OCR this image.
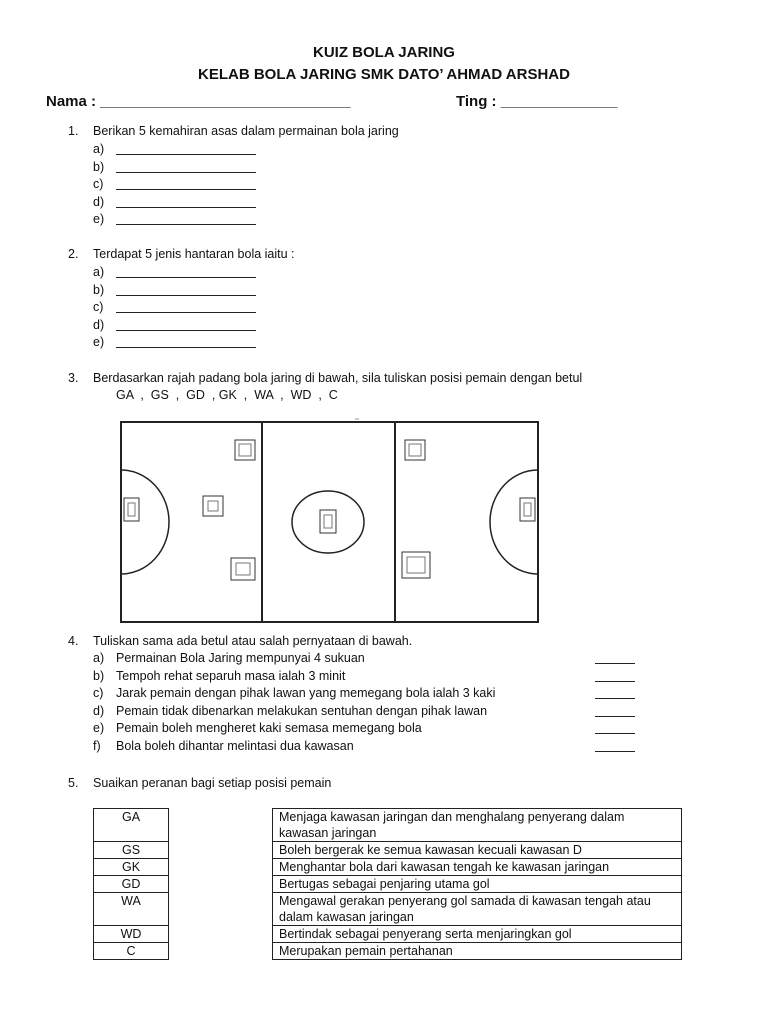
KUIZ BOLA JARING
KELAB BOLA JARING SMK DATO’ AHMAD ARSHAD
Nama : ______________________________	Ting : ______________
1.	Berikan 5 kemahiran asas dalam permainan bola jaring
a)
b)
c)
d)
e)
2.	Terdapat 5 jenis hantaran bola iaitu :
a)
b)
c)
d)
e)
3.	Berdasarkan rajah padang bola jaring di bawah, sila tuliskan posisi pemain dengan betul
GA  ,  GS  ,  GD  , GK  ,  WA  ,  WD  ,  C
4.	Tuliskan sama ada betul atau salah pernyataan di bawah.
a) Permainan Bola Jaring mempunyai 4 sukuan
b) Tempoh rehat separuh masa ialah 3 minit
c) Jarak pemain dengan pihak lawan yang memegang bola ialah 3 kaki
d) Pemain tidak dibenarkan melakukan sentuhan dengan pihak lawan
e) Pemain boleh mengheret kaki semasa memegang bola
f) Bola boleh dihantar melintasi dua kawasan
5.	Suaikan peranan bagi setiap posisi pemain
GA		Menjaga kawasan jaringan dan menghalang penyerang dalam kawasan jaringan
GS		Boleh bergerak ke semua kawasan kecuali kawasan D
GK		Menghantar bola dari kawasan tengah ke kawasan jaringan
GD		Bertugas sebagai penjaring utama gol
WA		Mengawal gerakan penyerang gol samada di kawasan tengah atau dalam kawasan jaringan
WD		Bertindak sebagai penyerang serta menjaringkan gol
C		Merupakan pemain pertahanan
